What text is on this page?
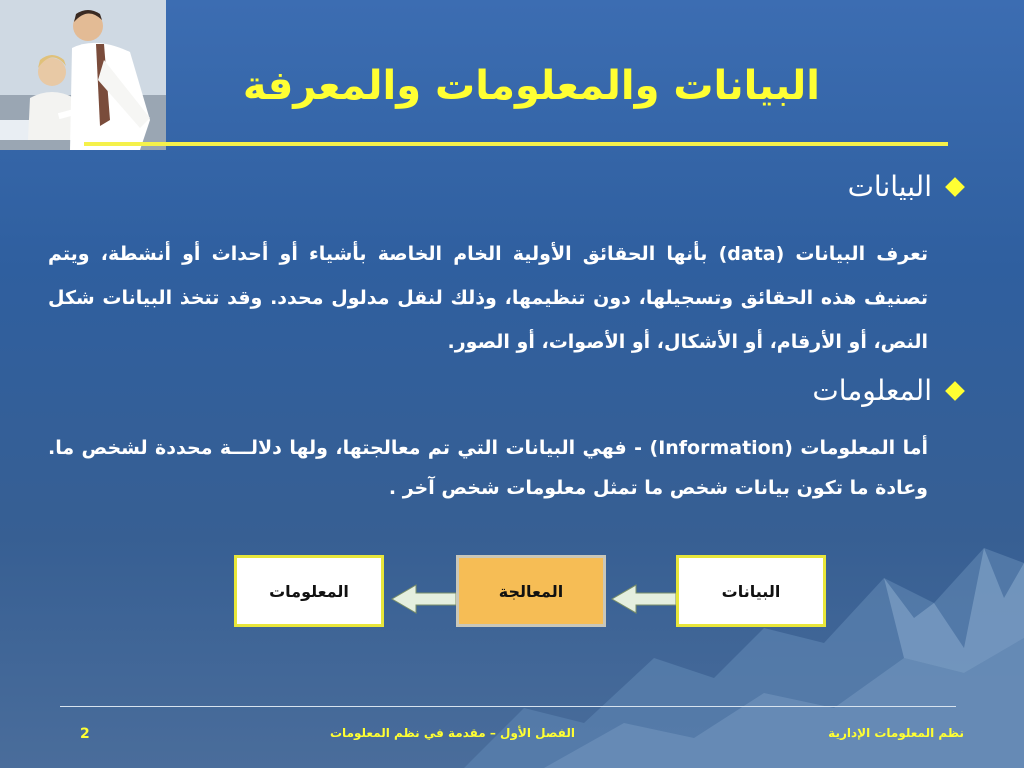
البيانات والمعلومات والمعرفة
البيانات
تعرف البيانات (data) بأنها الحقائق الأولية الخام الخاصة بأشياء أو أحداث أو أنشطة، ويتم تصنيف هذه الحقائق وتسجيلها، دون تنظيمها، وذلك لنقل مدلول محدد. وقد تتخذ البيانات شكل النص، أو الأرقام، أو الأشكال، أو الأصوات، أو الصور.
المعلومات
أما المعلومات (Information) - فهي البيانات التي تم معالجتها، ولها دلالـــة محددة لشخص ما. وعادة ما تكون بيانات شخص ما تمثل معلومات شخص آخر .
البيانات
المعالجة
المعلومات
2	الفصل الأول – مقدمة في نظم المعلومات	نظم المعلومات الإدارية
